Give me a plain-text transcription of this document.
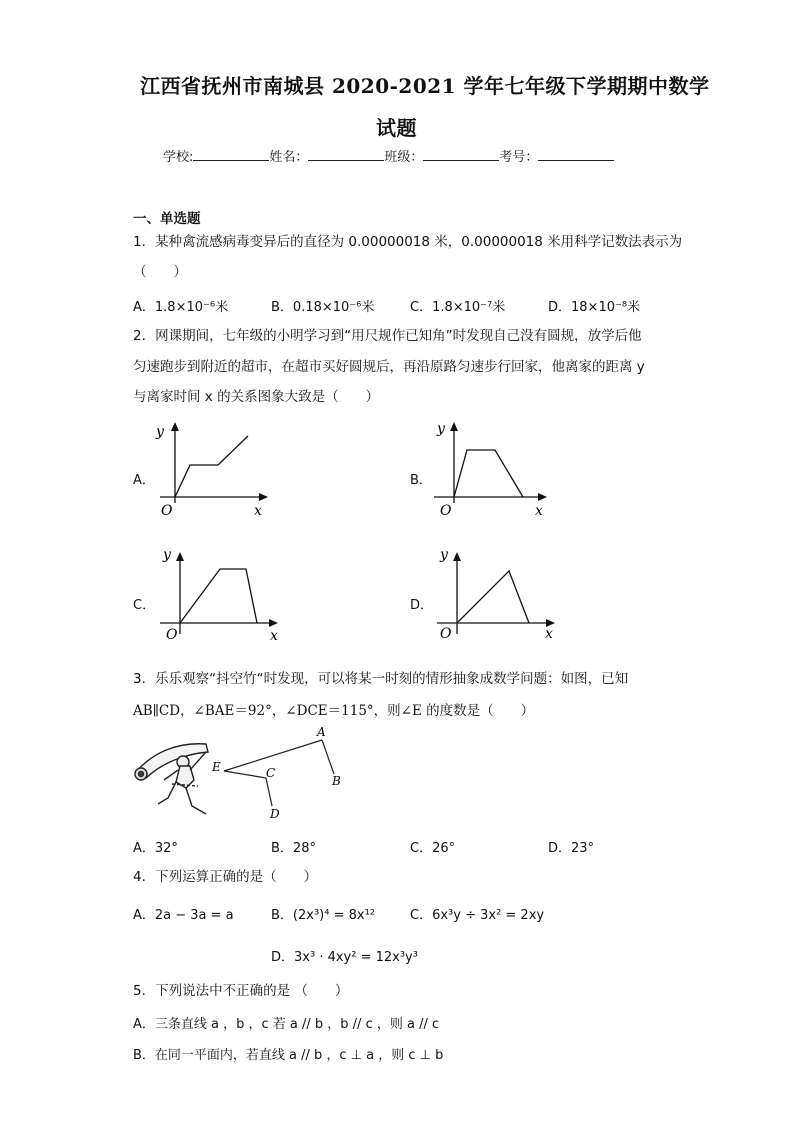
江西省抚州市南城县 2020-2021 学年七年级下学期期中数学
试题
学校:	姓名：	班级：	考号：
一、单选题
1．某种禽流感病毒变异后的直径为 0.00000018 米，0.00000018 米用科学记数法表示为
（　　）
A．1.8×10⁻⁶米	B．0.18×10⁻⁶米	C．1.8×10⁻⁷米	D．18×10⁻⁸米
2．网课期间，七年级的小明学习到“用尺规作已知角”时发现自己没有圆规，放学后他
匀速跑步到附近的超市，在超市买好圆规后，再沿原路匀速步行回家，他离家的距离 y
与离家时间 x 的关系图象大致是（　　）
A．	B．
C．	D．
y
x
O
y
x
O
y
x
O
y
x
O
3．乐乐观察“抖空竹“时发现，可以将某一时刻的情形抽象成数学问题：如图，已知
AB∥CD，∠BAE＝92°，∠DCE＝115°，则∠E 的度数是（　　）
A
B
C
D
E
A．32°	B．28°	C．26°	D．23°
4．下列运算正确的是（　　）
A．2a − 3a = a	B．(2x³)⁴ = 8x¹²	C．6x³y ÷ 3x² = 2xy
D．3x³ · 4xy² = 12x³y³
5．下列说法中不正确的是 （　　）
A．三条直线 a ，b ，c 若 a // b ，b // c ，则 a // c
B．在同一平面内，若直线 a // b ，c ⊥ a ，则 c ⊥ b
